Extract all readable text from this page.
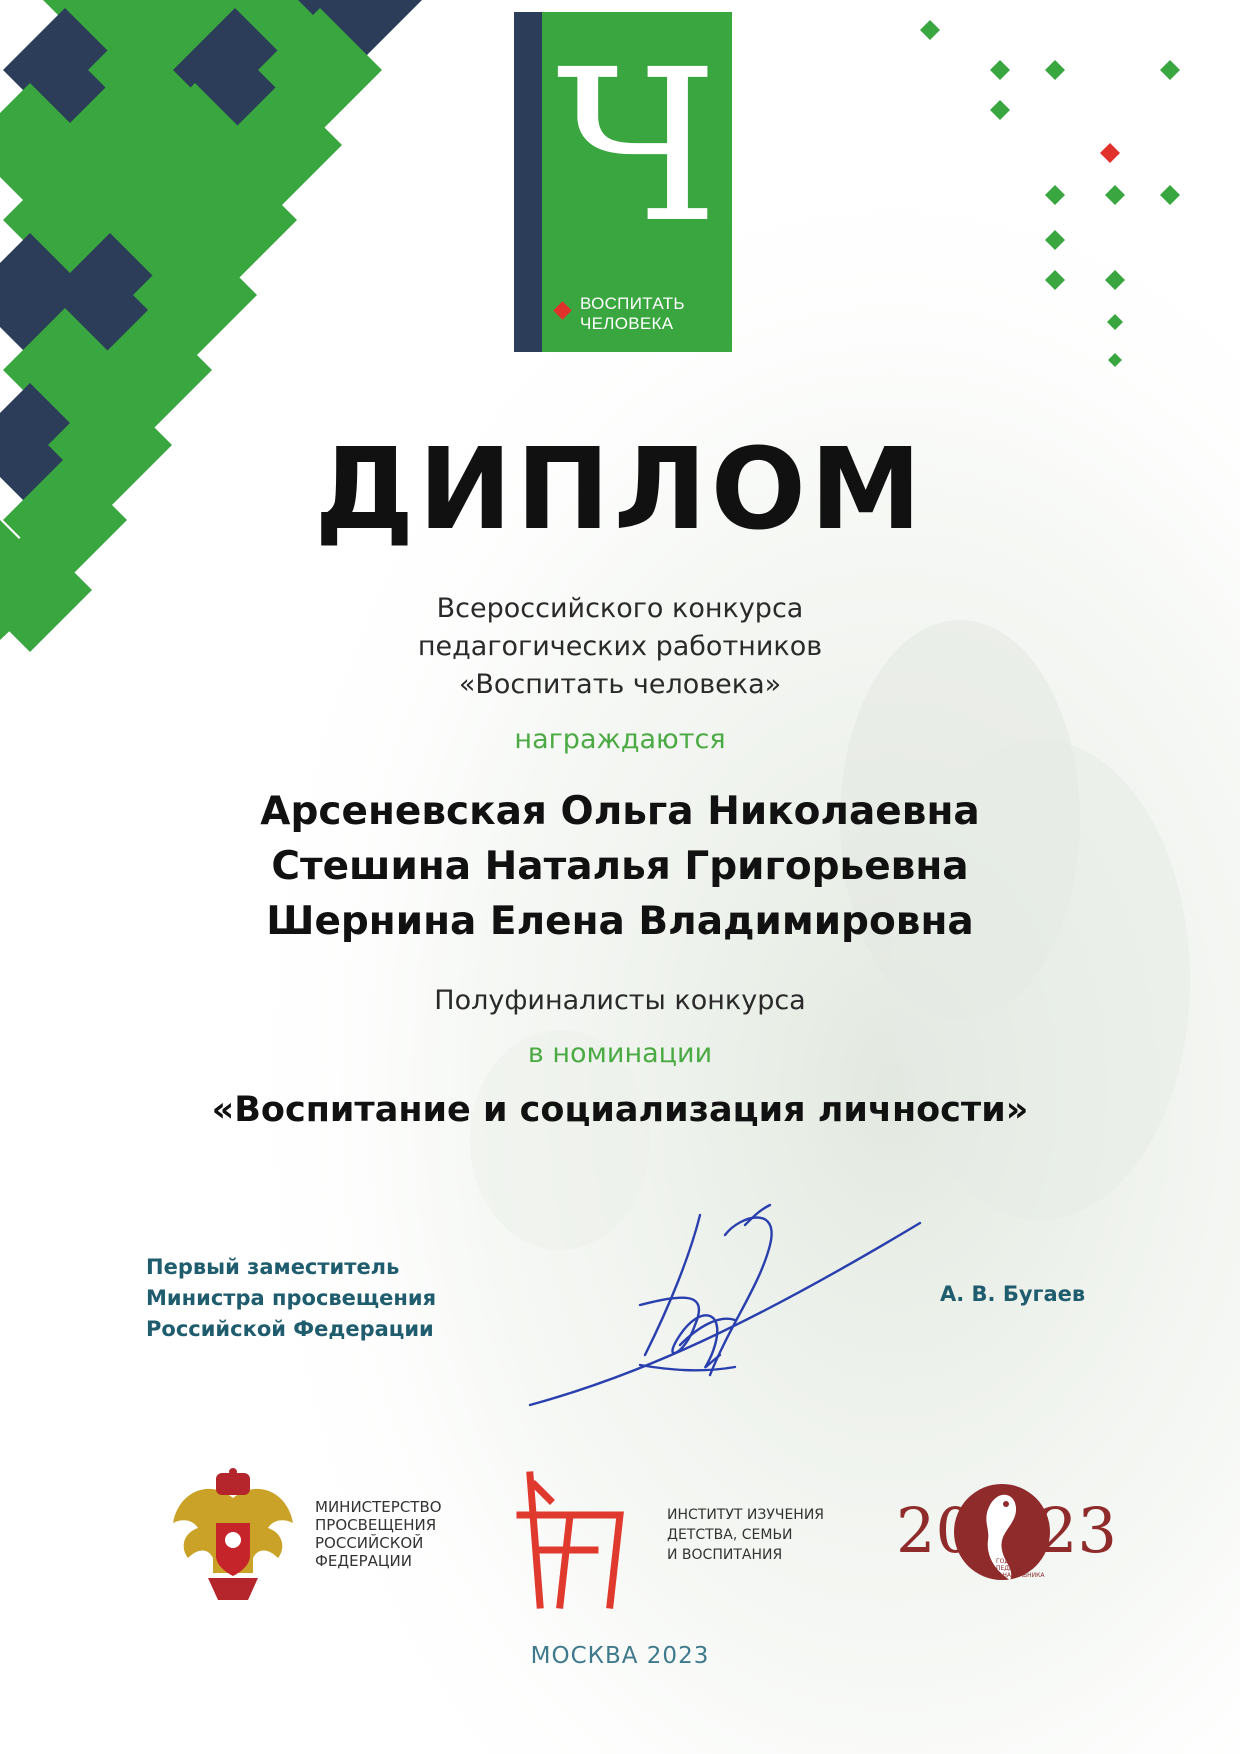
Ч
ВОСПИТАТЬ
ЧЕЛОВЕКА
ДИПЛОМ
Всероссийского конкурса
педагогических работников
«Воспитать человека»
награждаются
Арсеневская Ольга Николаевна
Стешина Наталья Григорьевна
Шернина Елена Владимировна
Полуфиналисты конкурса
в номинации
«Воспитание и социализация личности»
Первый заместитель
Министра просвещения
Российской Федерации
А. В. Бугаев
МИНИСТЕРСТВО
ПРОСВЕЩЕНИЯ
РОССИЙСКОЙ
ФЕДЕРАЦИИ
ИНСТИТУТ ИЗУЧЕНИЯ
ДЕТСТВА, СЕМЬИ
И ВОСПИТАНИЯ	20 23
ГОД
ПЕДАГОГА
И НАСТАВНИКА
МОСКВА 2023
